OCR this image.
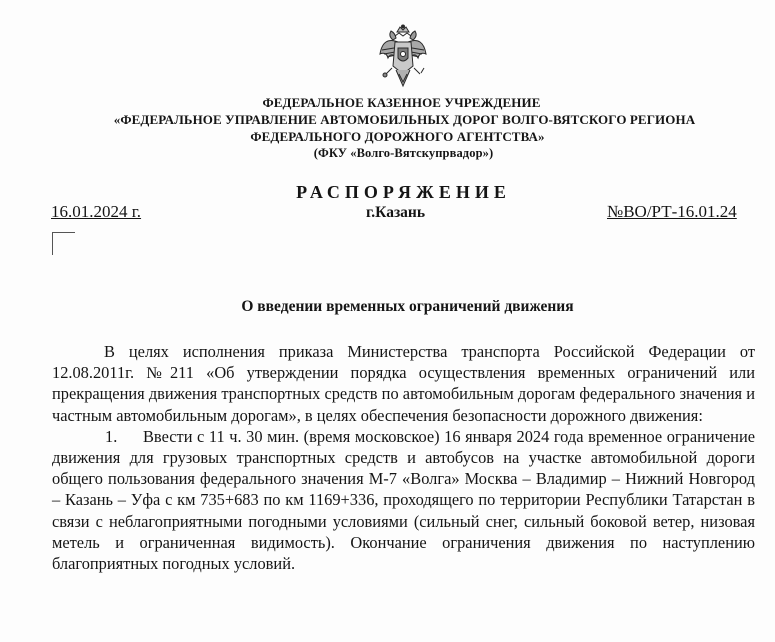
ФЕДЕРАЛЬНОЕ КАЗЕННОЕ УЧРЕЖДЕНИЕ
«ФЕДЕРАЛЬНОЕ УПРАВЛЕНИЕ АВТОМОБИЛЬНЫХ ДОРОГ ВОЛГО-ВЯТСКОГО РЕГИОНА
ФЕДЕРАЛЬНОГО ДОРОЖНОГО АГЕНТСТВА»
(ФКУ «Волго-Вятскупрвадор»)
РАСПОРЯЖЕНИЕ
16.01.2024 г.	г.Казань	№ВО/РТ-16.01.24
О введении временных ограничений движения

В целях исполнения приказа Министерства транспорта Российской Федерации от 12.08.2011г. №211 «Об утверждении порядка осуществления временных ограничений или прекращения движения транспортных средств по автомобильным дорогам федерального значения и частным автомобильным дорогам», в целях обеспечения безопасности дорожного движения:

1. Ввести с 11 ч. 30 мин. (время московское) 16 января 2024 года временное ограничение движения для грузовых транспортных средств и автобусов на участке автомобильной дороги общего пользования федерального значения М-7 «Волга» Москва – Владимир – Нижний Новгород – Казань – Уфа с км 735+683 по км 1169+336, проходящего по территории Республики Татарстан в связи с неблагоприятными погодными условиями (сильный снег, сильный боковой ветер, низовая метель и ограниченная видимость). Окончание ограничения движения по наступлению благоприятных погодных условий.
